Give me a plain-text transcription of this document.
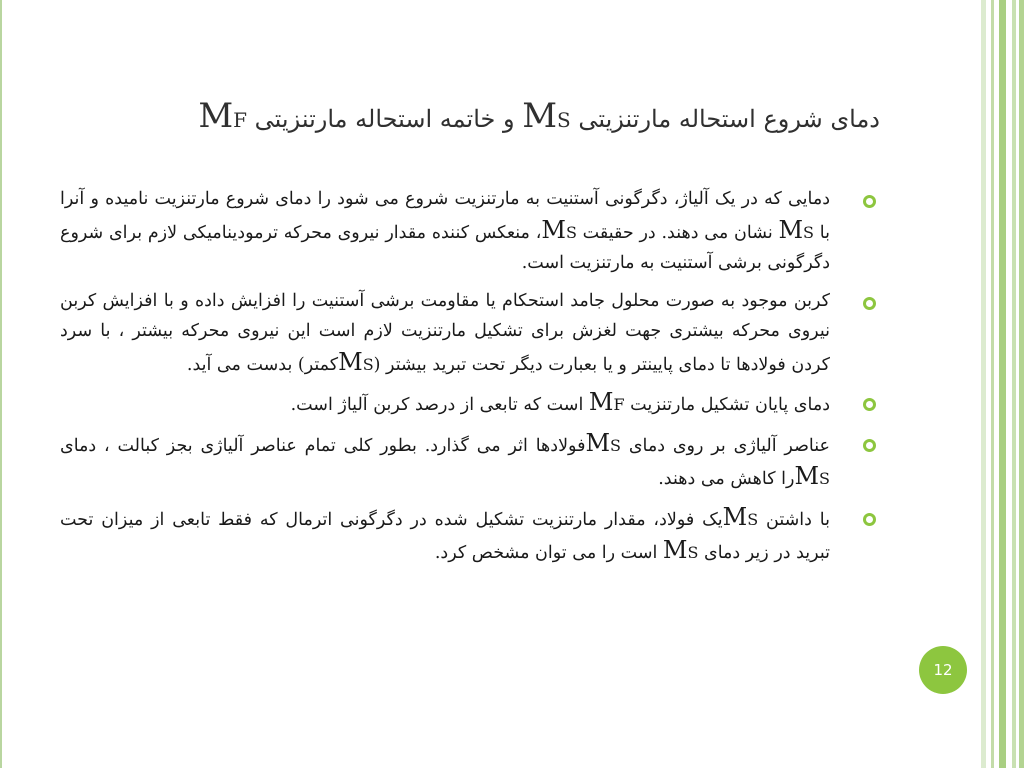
دمای شروع استحاله مارتنزیتی MS و خاتمه استحاله مارتنزیتی MF
دمایی که در یک آلیاژ، دگرگونی آستنیت به مارتنزیت شروع می شود را دمای شروع مارتنزیت نامیده و آنرا با MS نشان می دهند. در حقیقت MS، منعکس کننده مقدار نیروی محرکه ترمودینامیکی لازم برای شروع دگرگونی برشی آستنیت به مارتنزیت است.
کربن موجود به صورت محلول جامد استحکام یا مقاومت برشی آستنیت را افزایش داده و با افزایش کربن نیروی محرکه بیشتری جهت لغزش برای تشکیل مارتنزیت لازم است این نیروی محرکه بیشتر ، با سرد کردن فولادها تا دمای پایینتر و یا بعبارت دیگر تحت تبرید بیشتر (MSکمتر) بدست می آید.
دمای پایان تشکیل مارتنزیت MF است که تابعی از درصد کربن آلیاژ است.
عناصر آلیاژی بر روی دمای MSفولادها اثر می گذارد. بطور کلی تمام عناصر آلیاژی بجز کبالت ، دمای MSرا کاهش می دهند.
با داشتن MSیک فولاد، مقدار مارتنزیت تشکیل شده در دگرگونی اترمال که فقط تابعی از میزان تحت تبرید در زیر دمای MS است را می توان مشخص کرد.
12
